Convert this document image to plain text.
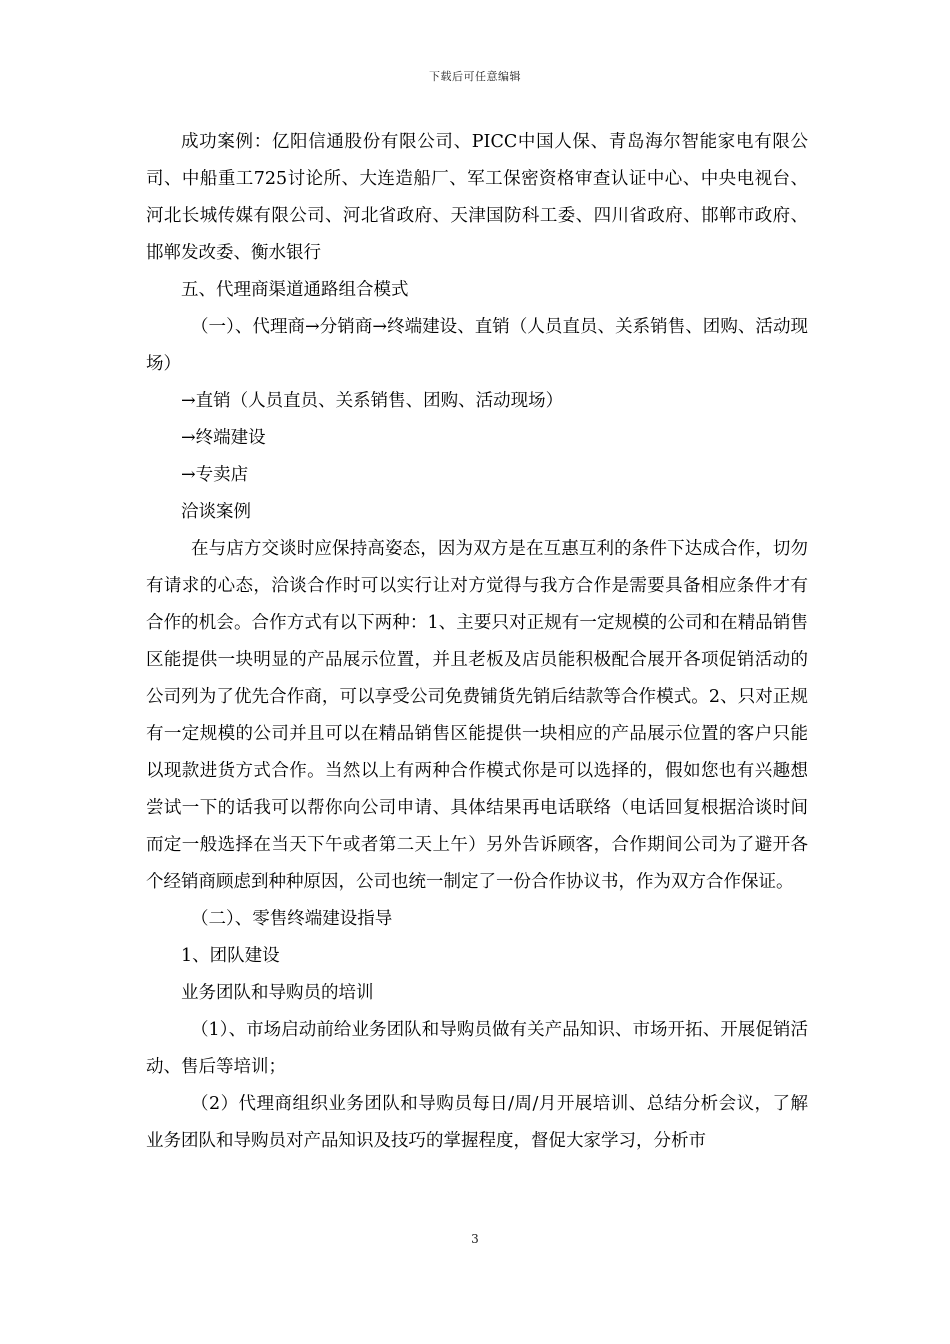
下载后可任意编辑

成功案例：亿阳信通股份有限公司、PICC中国人保、青岛海尔智能家电有限公司、中船重工725讨论所、大连造船厂、军工保密资格审查认证中心、中央电视台、河北长城传媒有限公司、河北省政府、天津国防科工委、四川省政府、邯郸市政府、邯郸发改委、衡水银行

五、代理商渠道通路组合模式

（一）、代理商→分销商→终端建设、直销（人员直员、关系销售、团购、活动现场）

→直销（人员直员、关系销售、团购、活动现场）

→终端建设

→专卖店

洽谈案例

在与店方交谈时应保持高姿态，因为双方是在互惠互利的条件下达成合作，切勿有请求的心态，洽谈合作时可以实行让对方觉得与我方合作是需要具备相应条件才有合作的机会。合作方式有以下两种：1、主要只对正规有一定规模的公司和在精品销售区能提供一块明显的产品展示位置，并且老板及店员能积极配合展开各项促销活动的公司列为了优先合作商，可以享受公司免费铺货先销后结款等合作模式。2、只对正规有一定规模的公司并且可以在精品销售区能提供一块相应的产品展示位置的客户只能以现款进货方式合作。当然以上有两种合作模式你是可以选择的，假如您也有兴趣想尝试一下的话我可以帮你向公司申请、具体结果再电话联络（电话回复根据洽谈时间而定一般选择在当天下午或者第二天上午）另外告诉顾客，合作期间公司为了避开各个经销商顾虑到种种原因，公司也统一制定了一份合作协议书，作为双方合作保证。

（二）、零售终端建设指导

1、团队建设

业务团队和导购员的培训

（1）、市场启动前给业务团队和导购员做有关产品知识、市场开拓、开展促销活动、售后等培训；

（2）代理商组织业务团队和导购员每日/周/月开展培训、总结分析会议，了解业务团队和导购员对产品知识及技巧的掌握程度，督促大家学习，分析市

3
